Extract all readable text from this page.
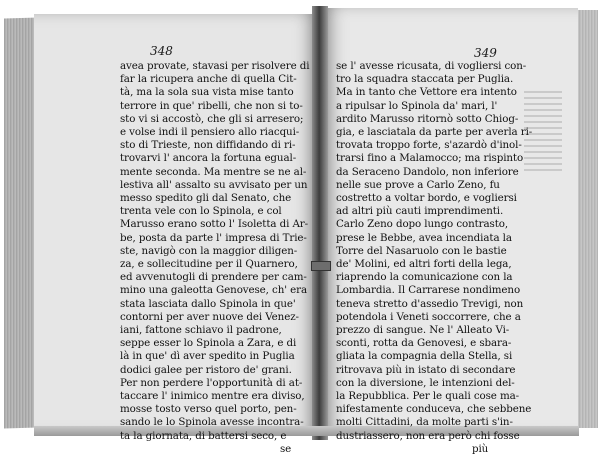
348	349
avea provate, stavasi per risolvere di
far la ricupera anche di quella Cit-
tà, ma la sola sua vista mise tanto
terrore in que' ribelli, che non si to-
sto vi si accostò, che gli si arresero;
e volse indi il pensiero allo riacqui-
sto di Trieste, non diffidando di ri-
trovarvi l' ancora la fortuna egual-
mente seconda. Ma mentre se ne al-
lestiva all' assalto su avvisato per un
messo spedito gli dal Senato, che
trenta vele con lo Spinola, e col
Marusso erano sotto l' Isoletta di Ar-
be, posta da parte l' impresa di Trie-
ste, navigò con la maggior diligen-
za, e sollecitudine per il Quarnero,
ed avvenutogli di prendere per cam-
mino una galeotta Genovese, ch' era
stata lasciata dallo Spinola in que'
contorni per aver nuove dei Venez-
iani, fattone schiavo il padrone,
seppe esser lo Spinola a Zara, e di
là in que' dì aver spedito in Puglia
dodici galee per ristoro de' grani.
Per non perdere l'opportunità di at-
taccare l' inimico mentre era diviso,
mosse tosto verso quel porto, pen-
sando le lo Spinola avesse incontra-
ta la giornata, di battersi seco, e
se
se l' avesse ricusata, di vogliersi con-
tro la squadra staccata per Puglia.
Ma in tanto che Vettore era intento
a ripulsar lo Spinola da' mari, l'
ardito Marusso ritornò sotto Chiog-
gia, e lasciatala da parte per averla ri-
trovata troppo forte, s'azardò d'inol-
trarsi fino a Malamocco; ma rispinto
da Seraceno Dandolo, non inferiore
nelle sue prove a Carlo Zeno, fu
costretto a voltar bordo, e vogliersi
ad altri più cauti imprendimenti.
Carlo Zeno dopo lungo contrasto,
prese le Bebbe, avea incendiata la
Torre del Nasaruolo con le bastie
de' Molini, ed altri forti della lega,
riaprendo la comunicazione con la
Lombardia. Il Carrarese nondimeno
teneva stretto d'assedio Trevigi, non
potendola i Veneti soccorrere, che a
prezzo di sangue. Ne l' Alleato Vi-
sconti, rotta da Genovesi, e sbara-
gliata la compagnia della Stella, si
ritrovava più in istato di secondare
con la diversione, le intenzioni del-
la Repubblica. Per le quali cose ma-
nifestamente conduceva, che sebbene
molti Cittadini, da molte parti s'in-
dustriassero, non era però chi fosse
più
